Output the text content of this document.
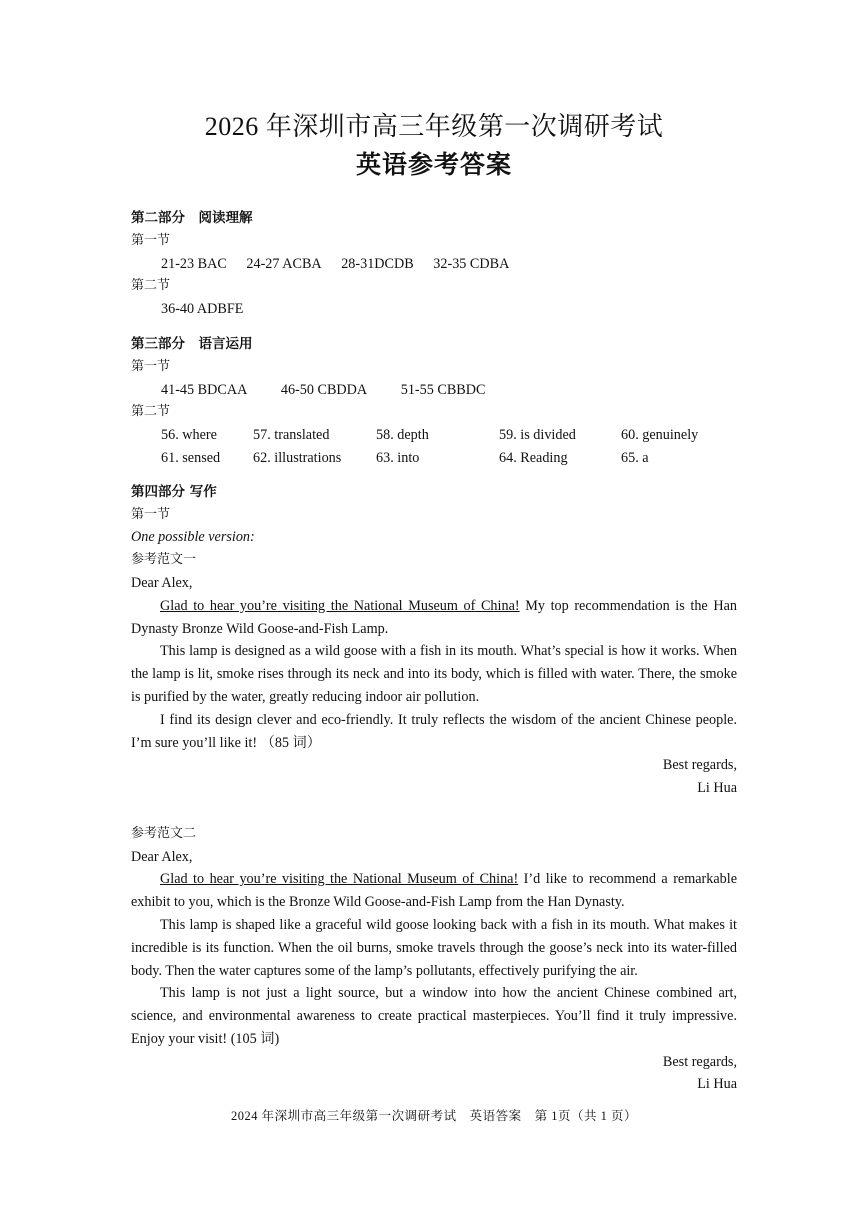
2026 年深圳市高三年级第一次调研考试
英语参考答案
第二部分　阅读理解
第一节
21-23 BAC 24-27 ACBA 28-31DCDB 32-35 CDBA
第二节
36-40 ADBFE
第三部分　语言运用
第一节
41-45 BDCAA 46-50 CBDDA 51-55 CBBDC
第二节
56. where	57. translated	58. depth	59. is divided	60. genuinely
61. sensed 62. illustrations 63. into	64. Reading	65. a
第四部分 写作
第一节
One possible version:
参考范文一
Dear Alex,
Glad to hear you’re visiting the National Museum of China! My top recommendation is the Han Dynasty Bronze Wild Goose-and-Fish Lamp.
This lamp is designed as a wild goose with a fish in its mouth. What’s special is how it works. When the lamp is lit, smoke rises through its neck and into its body, which is filled with water. There, the smoke is purified by the water, greatly reducing indoor air pollution.
I find its design clever and eco-friendly. It truly reflects the wisdom of the ancient Chinese people. I’m sure you’ll like it! （85 词）
Best regards,
Li Hua
参考范文二
Dear Alex,
Glad to hear you’re visiting the National Museum of China! I’d like to recommend a remarkable exhibit to you, which is the Bronze Wild Goose-and-Fish Lamp from the Han Dynasty.
This lamp is shaped like a graceful wild goose looking back with a fish in its mouth. What makes it incredible is its function. When the oil burns, smoke travels through the goose’s neck into its water-filled body. Then the water captures some of the lamp’s pollutants, effectively purifying the air.
This lamp is not just a light source, but a window into how the ancient Chinese combined art, science, and environmental awareness to create practical masterpieces. You’ll find it truly impressive. Enjoy your visit! (105 词)
Best regards,
Li Hua
2024 年深圳市高三年级第一次调研考试　英语答案　第 1页（共 1 页）
